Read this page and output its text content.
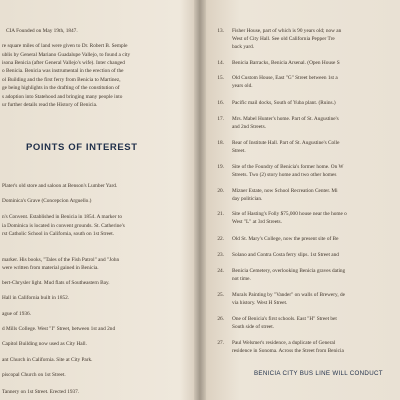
CIA Founded on May 19th, 1847.
re square miles of land were given to Dr. Robert B. Semple
ublis by General Mariano Guadalupe Vallejo, to found a city
isona Benicia (after General Vallejo's wife). Inter changed
o Benicia. Benicia was instrumental in the erection of the
ol Building and the first ferry from Benicia to Martinez,
ge being highlights in the drafting of the constitution of
s adoption into Statehood and bringing many people into
ur further details read the History of Benicia.
POINTS OF INTEREST
Plater's old store and saloon at Benson's Lumber Yard.
Dominica's Grave (Concepcion Arguello.)
n's Convent. Established in Benicia in 1854. A marker to
ia Dominica is located in convent grounds. St. Catherine's
rst Catholic School in California, south on 1st Street.
marker. His books, "Tales of the Fish Patrol" and "John
were written from material gained in Benicia.
bert-Chrysler light. Mud flats of Southeastern Bay.
Hall in California built in 1852.
ague of 1936.
d Mills College. West "I" Street, between 1st and 2nd
Capitol Building now used as City Hall.
ant Church in California. Site at City Park.
piscopal Church on 1st Street.
Tannery on 1st Street. Erected 1937.
13. Fisher House, part of which is 90 years old; now an
West of City Hall. See old California Pepper Tre
back yard.
14. Benicia Barracks, Benicia Arsenal. (Open House S
15. Old Custom House, East "G" Street between 1st a
years old.
16. Pacific mail docks, South of Yuba plant. (Ruins.)
17. Mrs. Mabel Hunter's home. Part of St. Augustine's
and 2nd Streets.
18. Rear of Institute Hall. Part of St. Augustine's Colle
Street.
19. Site of the Foundry of Benicia's former home. On W
Streets. Two (2) story home and two other homes
20. Mizner Estate, now School Recreation Center. Mi
day politician.
21. Site of Hasting's Folly $75,000 house near the home o
West "L" at 3rd Streets.
22. Old St. Mary's College, now the present site of Be
23. Solano and Contra Costa ferry slips. 1st Street and
24. Benicia Cemetery, overlooking Benicia graves dating
not time.
25. Murals Painting by "Vander" on walls of Brewery, de
via history. West H Street.
26. One of Benicia's first schools. East "H" Street bet
South side of street.
27. Paul Welsmer's residence, a duplicate of General
residence in Sonoma. Across the Street from Benicia
BENICIA CITY BUS LINE WILL CONDUCT
